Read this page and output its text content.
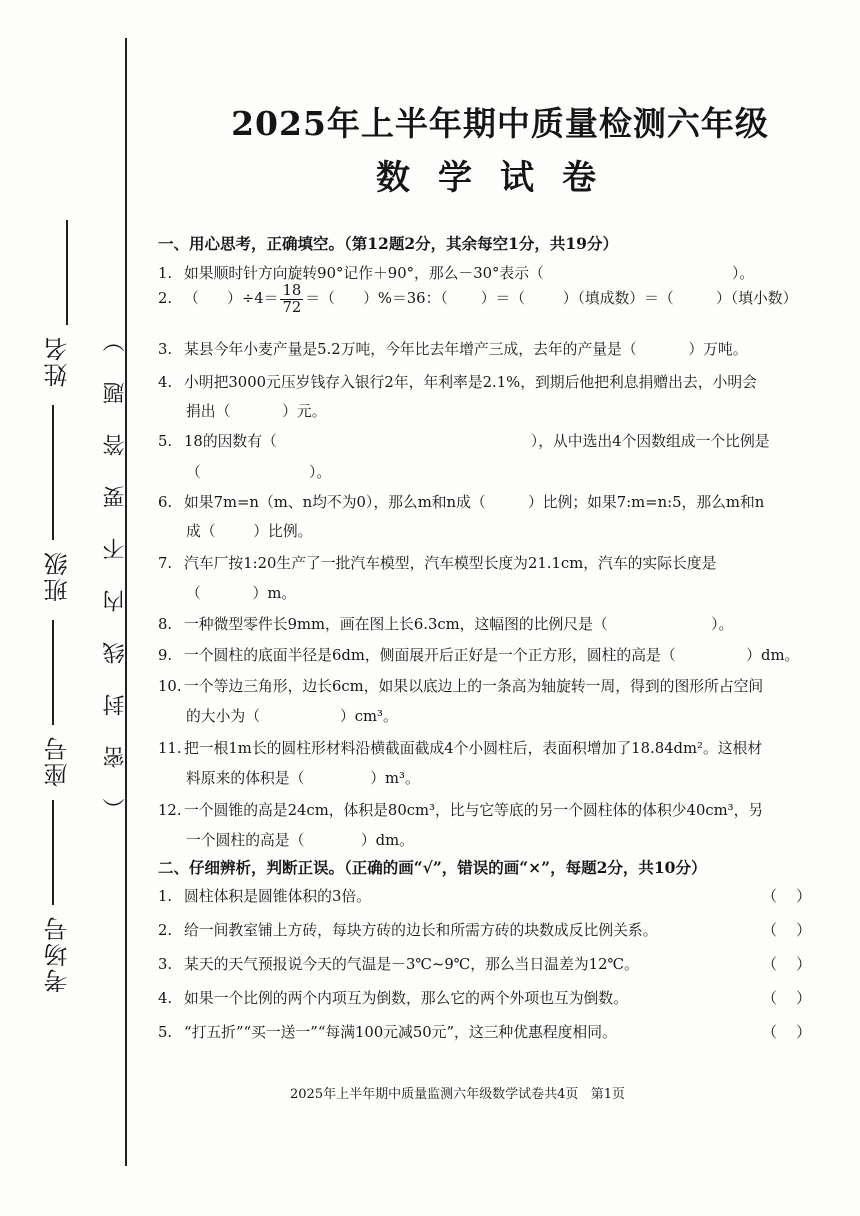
考场号
座号
班级
姓名 （密封线内不要答题）
2025年上半年期中质量检测六年级
数学试卷
一、用心思考，正确填空。（第12题2分，其余每空1分，共19分）
1. 如果顺时针方向旋转90°记作＋90°，那么－30°表示（                                        ）。
2. （      ）$\div 4= \frac{18}{72}$ ＝（      ）%＝36：（       ）＝（        ）（填成数）＝（         ）（填小数）
3. 某县今年小麦产量是5.2万吨，今年比去年增产三成，去年的产量是（           ）万吨。
4. 小明把3000元压岁钱存入银行2年，年利率是2.1%，到期后他把利息捐赠出去，小明会
捐出（           ）元。
5. 18的因数有（                                                      ），从中选出4个因数组成一个比例是
（                       ）。
6. 如果7m=n（m、n均不为0），那么m和n成（         ）比例；如果7:m=n:5，那么m和n
成（        ）比例。
7. 汽车厂按1:20生产了一批汽车模型，汽车模型长度为21.1cm，汽车的实际长度是
（           ）m。
8. 一种微型零件长9mm，画在图上长6.3cm，这幅图的比例尺是（                      ）。
9. 一个圆柱的底面半径是6dm，侧面展开后正好是一个正方形，圆柱的高是（               ）dm。
10. 一个等边三角形，边长6cm，如果以底边上的一条高为轴旋转一周，得到的图形所占空间
的大小为（                 ）cm³。
11. 把一根1m长的圆柱形材料沿横截面截成4个小圆柱后，表面积增加了18.84dm²。这根材
料原来的体积是（              ）m³。
12. 一个圆锥的高是24cm，体积是80cm³，比与它等底的另一个圆柱体的体积少40cm³，另
一个圆柱的高是（            ）dm。
二、仔细辨析，判断正误。（正确的画“√”，错误的画“×”，每题2分，共10分）
1. 圆柱体积是圆锥体积的3倍。	（    ）
2. 给一间教室铺上方砖，每块方砖的边长和所需方砖的块数成反比例关系。	（    ）
3. 某天的天气预报说今天的气温是－3℃~9℃，那么当日温差为12℃。	（    ）
4. 如果一个比例的两个内项互为倒数，那么它的两个外项也互为倒数。	（    ）
5. “打五折”“买一送一”“每满100元减50元”，这三种优惠程度相同。	（    ）
2025年上半年期中质量监测六年级数学试卷共4页   第1页
